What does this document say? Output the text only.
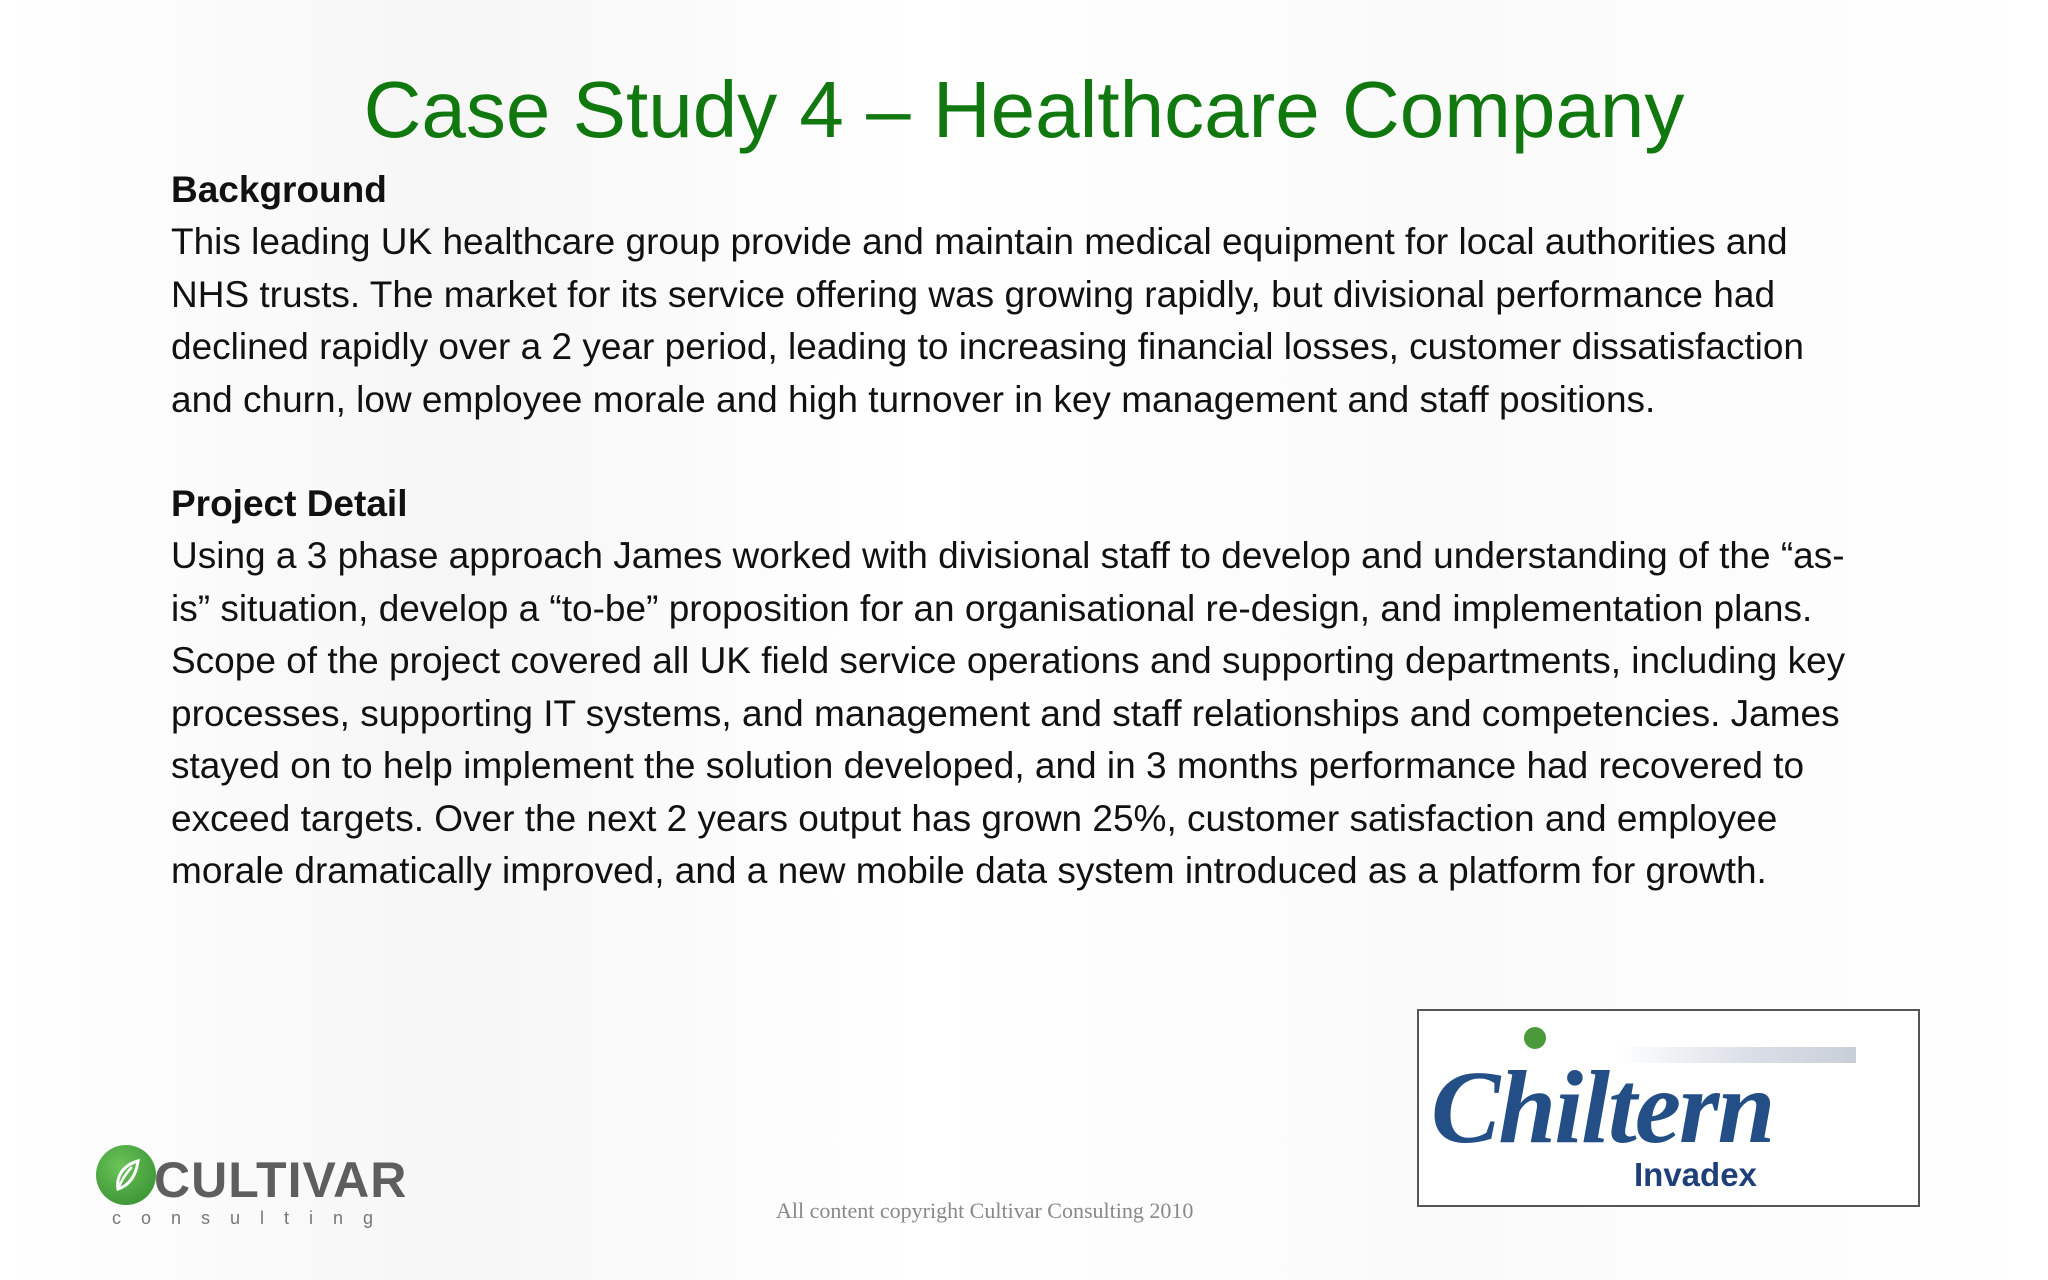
Case Study 4 – Healthcare Company
Background
This leading UK healthcare group provide and maintain medical equipment for local authorities and
NHS trusts. The market for its service offering was growing rapidly, but divisional performance had
declined rapidly over a 2 year period, leading to increasing financial losses, customer dissatisfaction
and churn, low employee morale and high turnover in key management and staff positions.
Project Detail
Using a 3 phase approach James worked with divisional staff to develop and understanding of the “as-
is” situation, develop a “to-be” proposition for an organisational re-design, and implementation plans.
Scope of the project covered all UK field service operations and supporting departments, including key
processes, supporting IT systems, and management and staff relationships and competencies. James
stayed on to help implement the solution developed, and in 3 months performance had recovered to
exceed targets. Over the next 2 years output has grown 25%, customer satisfaction and employee
morale dramatically improved, and a new mobile data system introduced as a platform for growth.
Chiltern
Invadex
CULTIVAR
consulting	All content copyright Cultivar Consulting 2010
